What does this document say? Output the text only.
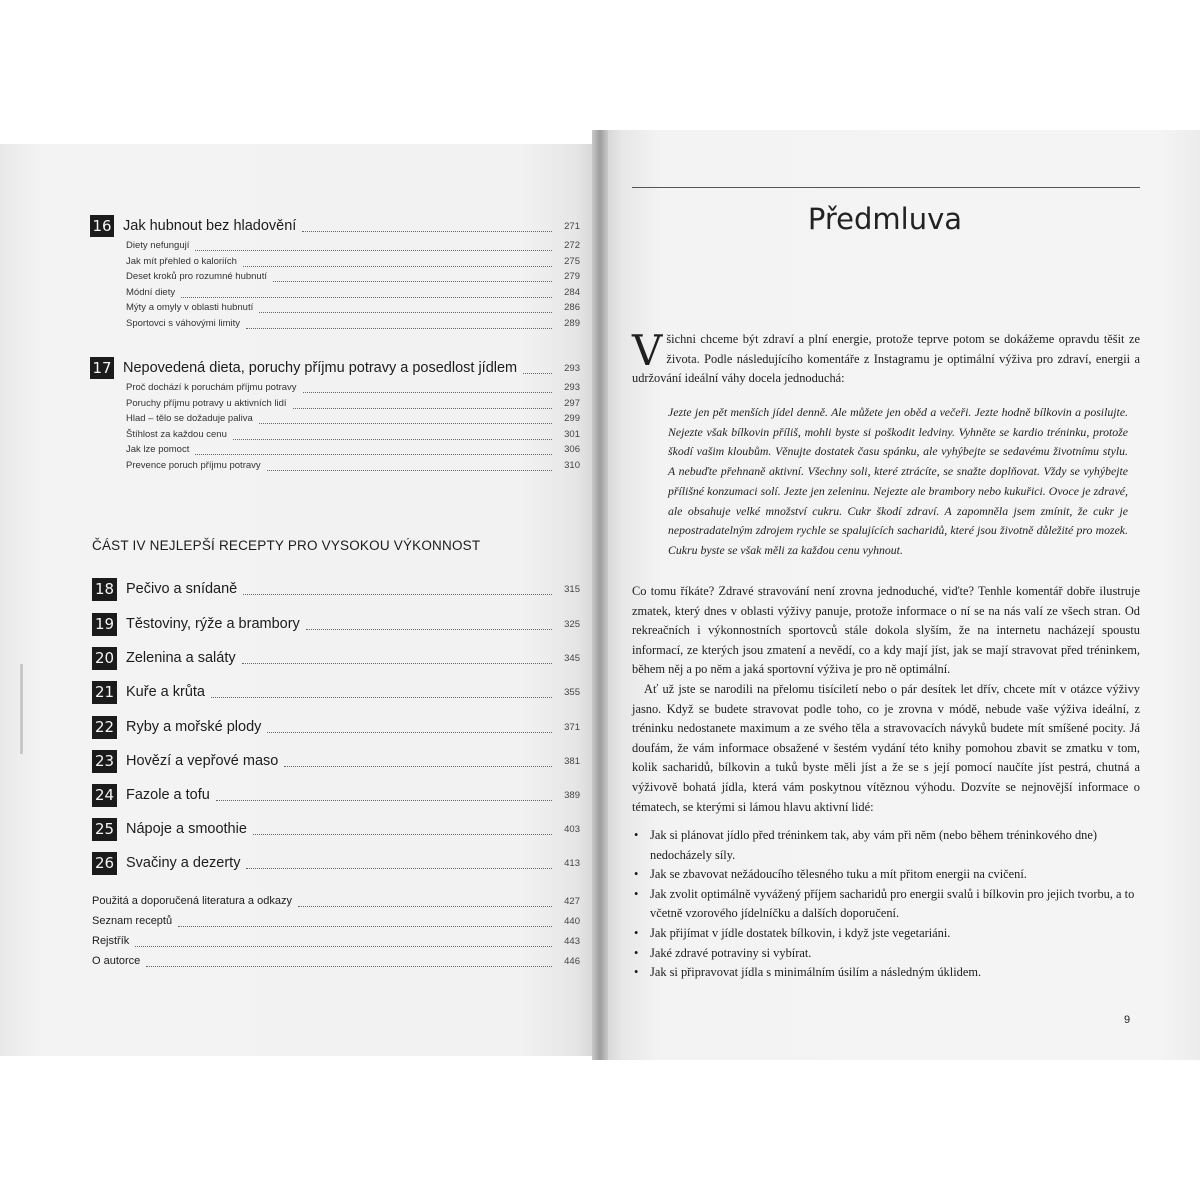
16 Jak hubnout bez hladovění	271
Diety nefungují	272
Jak mít přehled o kaloriích	275
Deset kroků pro rozumné hubnutí	279
Módní diety	284
Mýty a omyly v oblasti hubnutí	286
Sportovci s váhovými limity	289
17 Nepovedená dieta, poruchy příjmu potravy a posedlost jídlem	293
Proč dochází k poruchám příjmu potravy	293
Poruchy příjmu potravy u aktivních lidí	297
Hlad – tělo se dožaduje paliva	299
Štíhlost za každou cenu	301
Jak lze pomoct	306
Prevence poruch příjmu potravy	310
ČÁST IV NEJLEPŠÍ RECEPTY PRO VYSOKOU VÝKONNOST
18 Pečivo a snídaně	315
19 Těstoviny, rýže a brambory	325
20 Zelenina a saláty	345
21 Kuře a krůta	355
22 Ryby a mořské plody	371
23 Hovězí a vepřové maso	381
24 Fazole a tofu	389
25 Nápoje a smoothie	403
26 Svačiny a dezerty	413
Použitá a doporučená literatura a odkazy	427
Seznam receptů	440
Rejstřík	443
O autorce	446
Předmluva
Všichni chceme být zdraví a plní energie, protože teprve potom se dokážeme opravdu těšit ze života. Podle následujícího komentáře z Instagramu je optimální výživa pro zdraví, energii a udržování ideální váhy docela jednoduchá:
Jezte jen pět menších jídel denně. Ale můžete jen oběd a večeři. Jezte hodně bílkovin a posilujte. Nejezte však bílkovin příliš, mohli byste si poškodit ledviny. Vyhněte se kardio tréninku, protože škodí vašim kloubům. Věnujte dostatek času spánku, ale vyhýbejte se sedavému životnímu stylu. A nebuďte přehnaně aktivní. Všechny soli, které ztrácíte, se snažte doplňovat. Vždy se vyhýbejte přílišné konzumaci solí. Jezte jen zeleninu. Nejezte ale brambory nebo kukuřici. Ovoce je zdravé, ale obsahuje velké množství cukru. Cukr škodí zdraví. A zapomněla jsem zmínit, že cukr je nepostradatelným zdrojem rychle se spalujících sacharidů, které jsou životně důležité pro mozek. Cukru byste se však měli za každou cenu vyhnout.
Co tomu říkáte? Zdravé stravování není zrovna jednoduché, viďte? Tenhle komentář dobře ilustruje zmatek, který dnes v oblasti výživy panuje, protože informace o ní se na nás valí ze všech stran. Od rekreačních i výkonnostních sportovců stále dokola slyším, že na internetu nacházejí spoustu informací, ze kterých jsou zmatení a nevědí, co a kdy mají jíst, jak se mají stravovat před tréninkem, během něj a po něm a jaká sportovní výživa je pro ně optimální.
Ať už jste se narodili na přelomu tisíciletí nebo o pár desítek let dřív, chcete mít v otázce výživy jasno. Když se budete stravovat podle toho, co je zrovna v módě, nebude vaše výživa ideální, z tréninku nedostanete maximum a ze svého těla a stravovacích návyků budete mít smíšené pocity. Já doufám, že vám informace obsažené v šestém vydání této knihy pomohou zbavit se zmatku v tom, kolik sacharidů, bílkovin a tuků byste měli jíst a že se s její pomocí naučíte jíst pestrá, chutná a výživově bohatá jídla, která vám poskytnou vítěznou výhodu. Dozvíte se nejnovější informace o tématech, se kterými si lámou hlavu aktivní lidé:
• Jak si plánovat jídlo před tréninkem tak, aby vám při něm (nebo během tréninkového dne) nedocházely síly.
• Jak se zbavovat nežádoucího tělesného tuku a mít přitom energii na cvičení.
• Jak zvolit optimálně vyvážený příjem sacharidů pro energii svalů i bílkovin pro jejich tvorbu, a to včetně vzorového jídelníčku a dalších doporučení.
• Jak přijímat v jídle dostatek bílkovin, i když jste vegetariáni.
• Jaké zdravé potraviny si vybírat.
• Jak si připravovat jídla s minimálním úsilím a následným úklidem.
9
